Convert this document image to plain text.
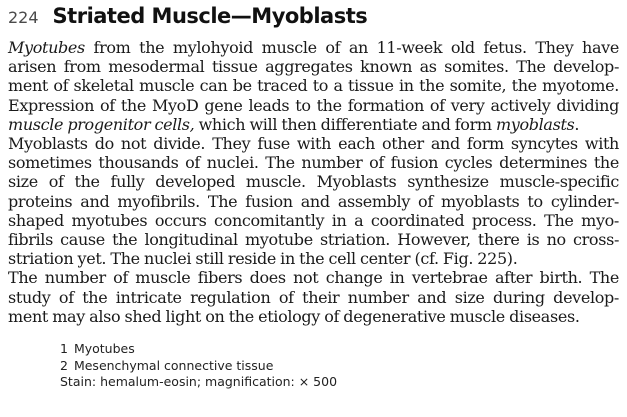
224 Striated Muscle—Myoblasts
Myotubes from the mylohyoid muscle of an 11-week old fetus. They have
arisen from mesodermal tissue aggregates known as somites. The develop-
ment of skeletal muscle can be traced to a tissue in the somite, the myotome.
Expression of the MyoD gene leads to the formation of very actively dividing
muscle progenitor cells, which will then differentiate and form myoblasts.
Myoblasts do not divide. They fuse with each other and form syncytes with
sometimes thousands of nuclei. The number of fusion cycles determines the
size of the fully developed muscle. Myoblasts synthesize muscle-specific
proteins and myofibrils. The fusion and assembly of myoblasts to cylinder-
shaped myotubes occurs concomitantly in a coordinated process. The myo-
fibrils cause the longitudinal myotube striation. However, there is no cross-
striation yet. The nuclei still reside in the cell center (cf. Fig. 225).
The number of muscle fibers does not change in vertebrae after birth. The
study of the intricate regulation of their number and size during develop-
ment may also shed light on the etiology of degenerative muscle diseases.
1 Myotubes
2 Mesenchymal connective tissue
Stain: hemalum-eosin; magnification: × 500
